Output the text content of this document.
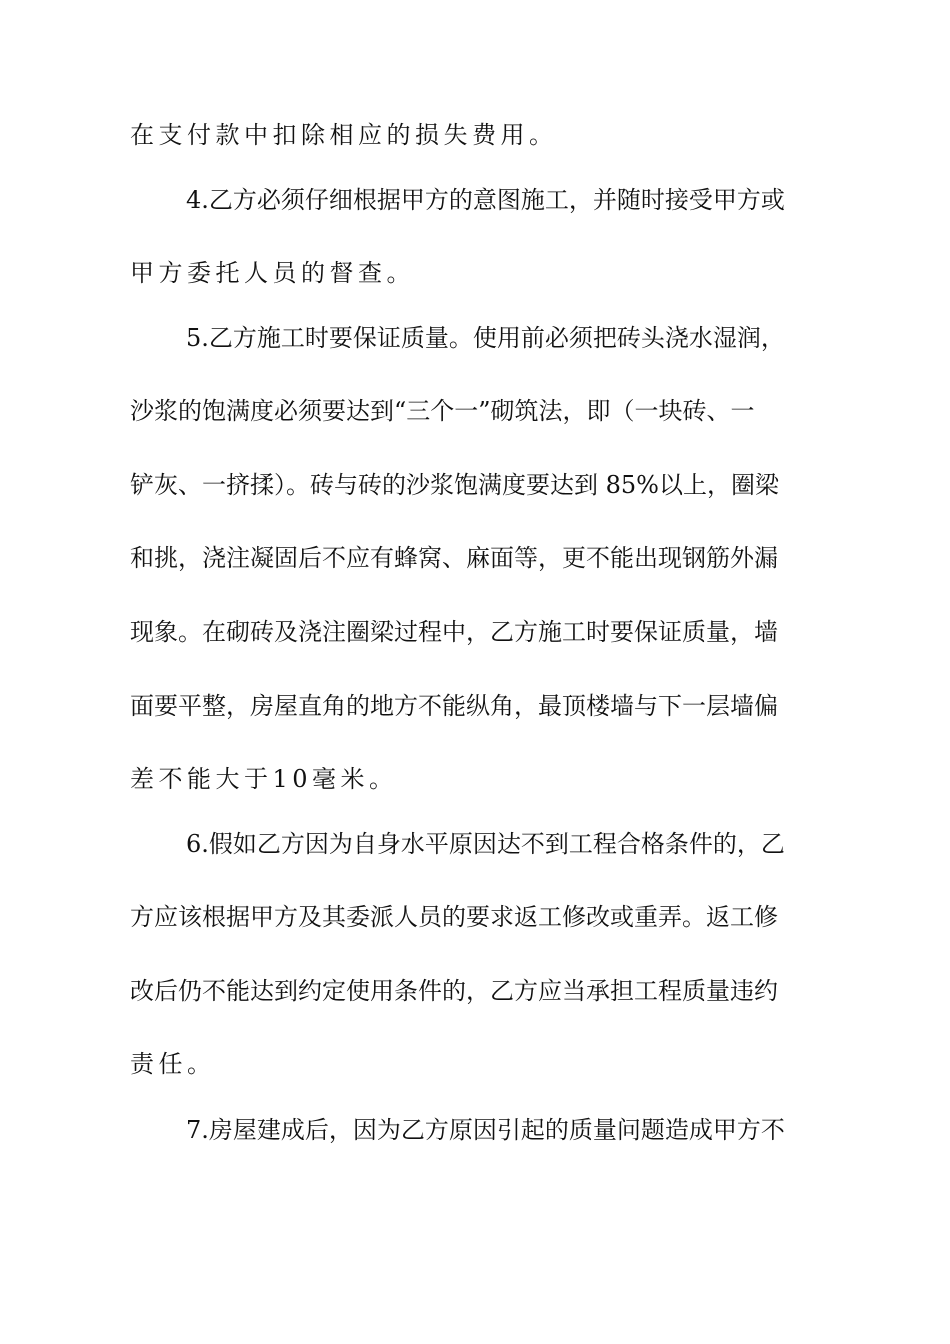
在支付款中扣除相应的损失费用。
4.乙方必须仔细根据甲方的意图施工，并随时接受甲方或
甲方委托人员的督查。
5.乙方施工时要保证质量。使用前必须把砖头浇水湿润，
沙浆的饱满度必须要达到“三个一”砌筑法，即（一块砖、一
铲灰、一挤揉）。砖与砖的沙浆饱满度要达到 85%以上，圈梁
和挑，浇注凝固后不应有蜂窝、麻面等，更不能出现钢筋外漏
现象。在砌砖及浇注圈梁过程中，乙方施工时要保证质量，墙
面要平整，房屋直角的地方不能纵角，最顶楼墙与下一层墙偏
差不能大于10毫米。
6.假如乙方因为自身水平原因达不到工程合格条件的，乙
方应该根据甲方及其委派人员的要求返工修改或重弄。返工修
改后仍不能达到约定使用条件的，乙方应当承担工程质量违约
责任。
7.房屋建成后，因为乙方原因引起的质量问题造成甲方不
